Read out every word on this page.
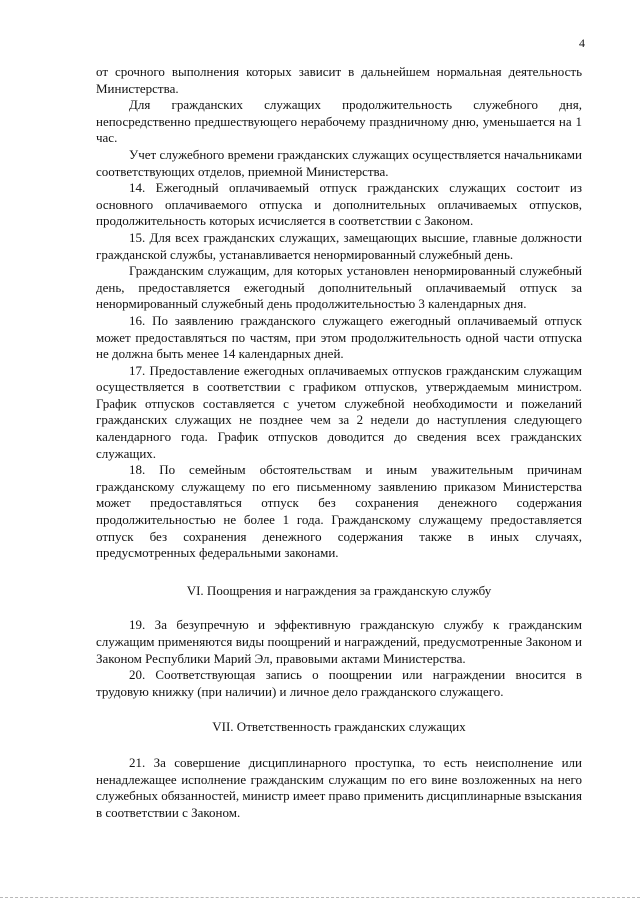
4

от срочного выполнения которых зависит в дальнейшем нормальная деятельность Министерства.

Для гражданских служащих продолжительность служебного дня, непосредственно предшествующего нерабочему праздничному дню, уменьшается на 1 час.

Учет служебного времени гражданских служащих осуществляется начальниками соответствующих отделов, приемной Министерства.

14. Ежегодный оплачиваемый отпуск гражданских служащих состоит из основного оплачиваемого отпуска и дополнительных оплачиваемых отпусков, продолжительность которых исчисляется в соответствии с Законом.

15. Для всех гражданских служащих, замещающих высшие, главные должности гражданской службы, устанавливается ненормированный служебный день.

Гражданским служащим, для которых установлен ненормированный служебный день, предоставляется ежегодный дополнительный оплачиваемый отпуск за ненормированный служебный день продолжительностью 3 календарных дня.

16. По заявлению гражданского служащего ежегодный оплачиваемый отпуск может предоставляться по частям, при этом продолжительность одной части отпуска не должна быть менее 14 календарных дней.

17. Предоставление ежегодных оплачиваемых отпусков гражданским служащим осуществляется в соответствии с графиком отпусков, утверждаемым министром. График отпусков составляется с учетом служебной необходимости и пожеланий гражданских служащих не позднее чем за 2 недели до наступления следующего календарного года. График отпусков доводится до сведения всех гражданских служащих.

18. По семейным обстоятельствам и иным уважительным причинам гражданскому служащему по его письменному заявлению приказом Министерства может предоставляться отпуск без сохранения денежного содержания продолжительностью не более 1 года. Гражданскому служащему предоставляется отпуск без сохранения денежного содержания также в иных случаях, предусмотренных федеральными законами.

VI. Поощрения и награждения за гражданскую службу

19. За безупречную и эффективную гражданскую службу к гражданским служащим применяются виды поощрений и награждений, предусмотренные Законом и Законом Республики Марий Эл, правовыми актами Министерства.

20. Соответствующая запись о поощрении или награждении вносится в трудовую книжку (при наличии) и личное дело гражданского служащего.

VII. Ответственность гражданских служащих

21. За совершение дисциплинарного проступка, то есть неисполнение или ненадлежащее исполнение гражданским служащим по его вине возложенных на него служебных обязанностей, министр имеет право применить дисциплинарные взыскания в соответствии с Законом.
